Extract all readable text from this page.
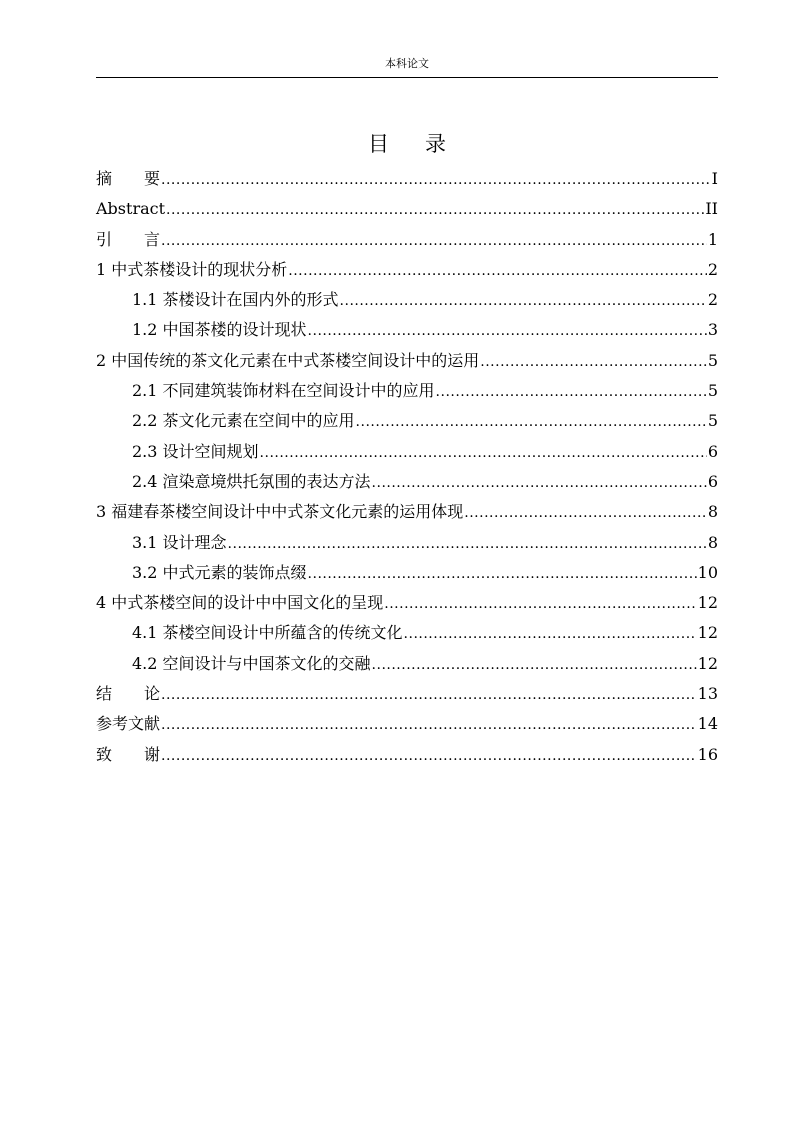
本科论文
目 录
摘　　要 .....	I
Abstract .....	II
引　　言 .....	1
1 中式茶楼设计的现状分析 .....	2
1.1 茶楼设计在国内外的形式 .....	2
1.2 中国茶楼的设计现状 .....	3
2 中国传统的茶文化元素在中式茶楼空间设计中的运用 .....	5
2.1 不同建筑装饰材料在空间设计中的应用 .....	5
2.2 茶文化元素在空间中的应用 .....	5
2.3 设计空间规划 .....	6
2.4 渲染意境烘托氛围的表达方法 .....	6
3 福建春茶楼空间设计中中式茶文化元素的运用体现 .....	8
3.1 设计理念 .....	8
3.2 中式元素的装饰点缀 .....	10
4 中式茶楼空间的设计中中国文化的呈现 .....	12
4.1 茶楼空间设计中所蕴含的传统文化 .....	12
4.2 空间设计与中国茶文化的交融 .....	12
结　　论 .....	13
参考文献 .....	14
致　　谢 .....	16
